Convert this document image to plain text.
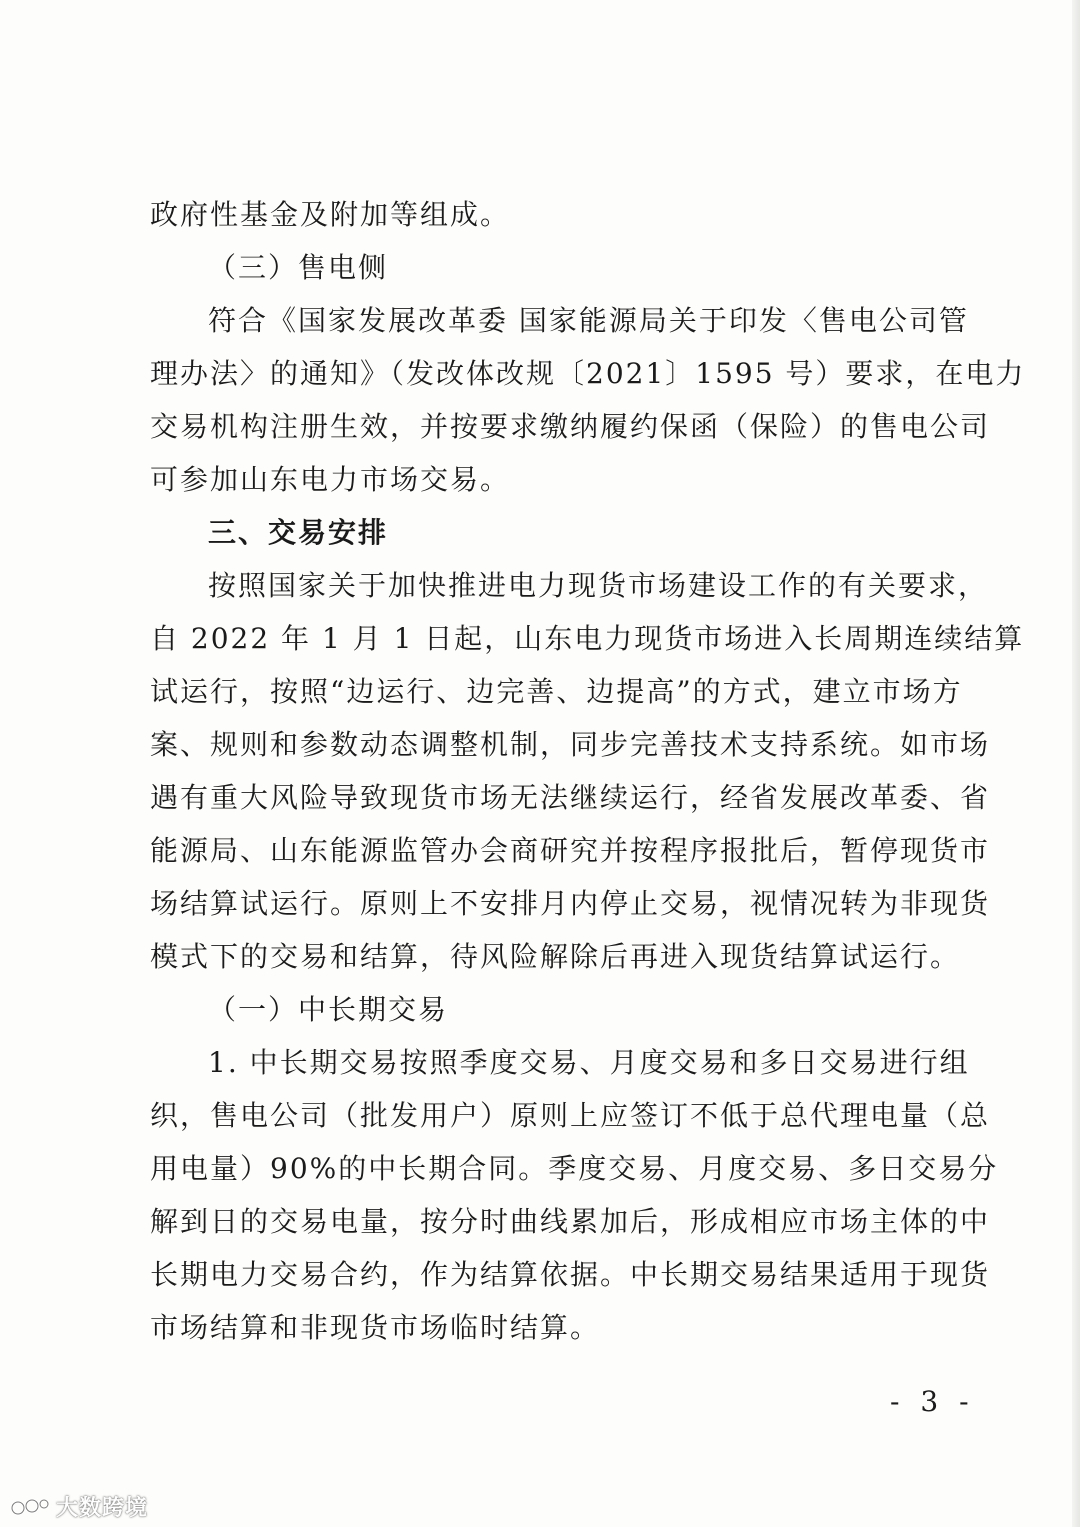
政府性基金及附加等组成。
（三）售电侧
符合《国家发展改革委 国家能源局关于印发〈售电公司管
理办法〉的通知》（发改体改规〔2021〕1595 号）要求，在电力
交易机构注册生效，并按要求缴纳履约保函（保险）的售电公司
可参加山东电力市场交易。
三、交易安排
按照国家关于加快推进电力现货市场建设工作的有关要求，
自 2022 年 1 月 1 日起，山东电力现货市场进入长周期连续结算
试运行，按照“边运行、边完善、边提高”的方式，建立市场方
案、规则和参数动态调整机制，同步完善技术支持系统。如市场
遇有重大风险导致现货市场无法继续运行，经省发展改革委、省
能源局、山东能源监管办会商研究并按程序报批后，暂停现货市
场结算试运行。原则上不安排月内停止交易，视情况转为非现货
模式下的交易和结算，待风险解除后再进入现货结算试运行。
（一）中长期交易
1. 中长期交易按照季度交易、月度交易和多日交易进行组
织，售电公司（批发用户）原则上应签订不低于总代理电量（总
用电量）90%的中长期合同。季度交易、月度交易、多日交易分
解到日的交易电量，按分时曲线累加后，形成相应市场主体的中
长期电力交易合约，作为结算依据。中长期交易结果适用于现货
市场结算和非现货市场临时结算。
- 3 -
大数跨境
